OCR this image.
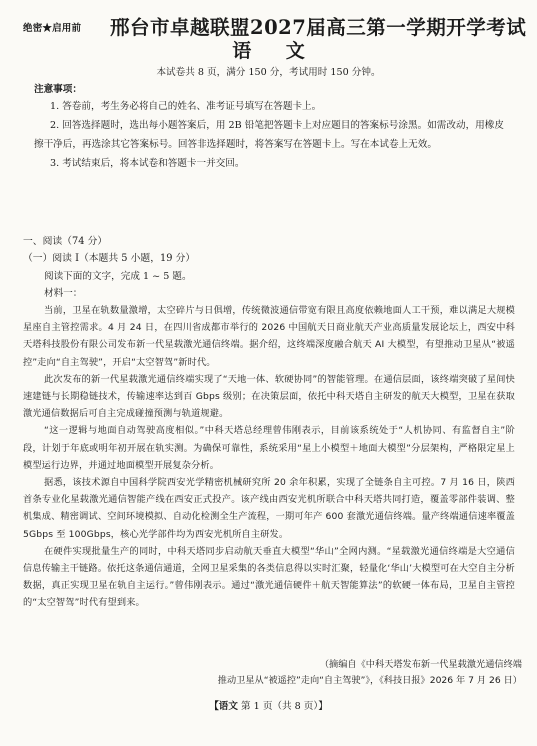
绝密★启用前 邢台市卓越联盟2027届高三第一学期开学考试
语 文
本试卷共 8 页，满分 150 分，考试用时 150 分钟。
注意事项：

1. 答卷前，考生务必将自己的姓名、准考证号填写在答题卡上。

2. 回答选择题时，选出每小题答案后，用 2B 铅笔把答题卡上对应题目的答案标号涂黑。如需改动，用橡皮擦干净后，再选涂其它答案标号。回答非选择题时，将答案写在答题卡上。写在本试卷上无效。

3. 考试结束后，将本试卷和答题卡一并交回。

一、阅读（74 分）
（一）阅读 Ⅰ（本题共 5 小题，19 分）
阅读下面的文字，完成 1 ~ 5 题。
材料一：

当前，卫星在轨数量激增，太空碎片与日俱增，传统微波通信带宽有限且高度依赖地面人工干预，难以满足大规模星座自主管控需求。4 月 24 日，在四川省成都市举行的 2026 中国航天日商业航天产业高质量发展论坛上，西安中科天塔科技股份有限公司发布新一代星载激光通信终端。据介绍，这终端深度融合航天 AI 大模型，有望推动卫星从“被遥控”走向“自主驾驶”，开启“太空智驾”新时代。

此次发布的新一代星载激光通信终端实现了“天地一体、软硬协同”的智能管理。在通信层面，该终端突破了星间快速建链与长期稳链技术，传输速率达到百 Gbps 级别；在决策层面，依托中科天塔自主研发的航天大模型，卫星在获取激光通信数据后可自主完成碰撞预测与轨道规避。

“这一逻辑与地面自动驾驶高度相似。”中科天塔总经理曾伟刚表示，目前该系统处于“人机协同、有监督自主”阶段，计划于年底或明年初开展在轨实测。为确保可靠性，系统采用“星上小模型＋地面大模型”分层架构，严格限定星上模型运行边界，并通过地面模型开展复杂分析。

据悉，该技术源自中国科学院西安光学精密机械研究所 20 余年积累，实现了全链条自主可控。7 月 16 日，陕西首条专业化星载激光通信智能产线在西安正式投产。该产线由西安光机所联合中科天塔共同打造，覆盖零部件装调、整机集成、精密调试、空间环境模拟、自动化检测全生产流程，一期可年产 600 套激光通信终端。量产终端通信速率覆盖 5Gbps 至 100Gbps，核心光学部件均为西安光机所自主研发。

在硬件实现批量生产的同时，中科天塔同步启动航天垂直大模型“华山”全网内测。“星载激光通信终端是大空通信信息传输主干链路。依托这条通信通道，全网卫星采集的各类信息得以实时汇聚，轻量化‘华山’大模型可在大空自主分析数据，真正实现卫星在轨自主运行。”曾伟刚表示。通过“激光通信硬件＋航天智能算法”的软硬一体布局，卫星自主管控的“太空智驾”时代有望到来。

（摘编自《中科天塔发布新一代星载激光通信终端
推动卫星从“被遥控”走向“自主驾驶”》，《科技日报》2026 年 7 月 26 日）
【语文 第 1 页（共 8 页）】
